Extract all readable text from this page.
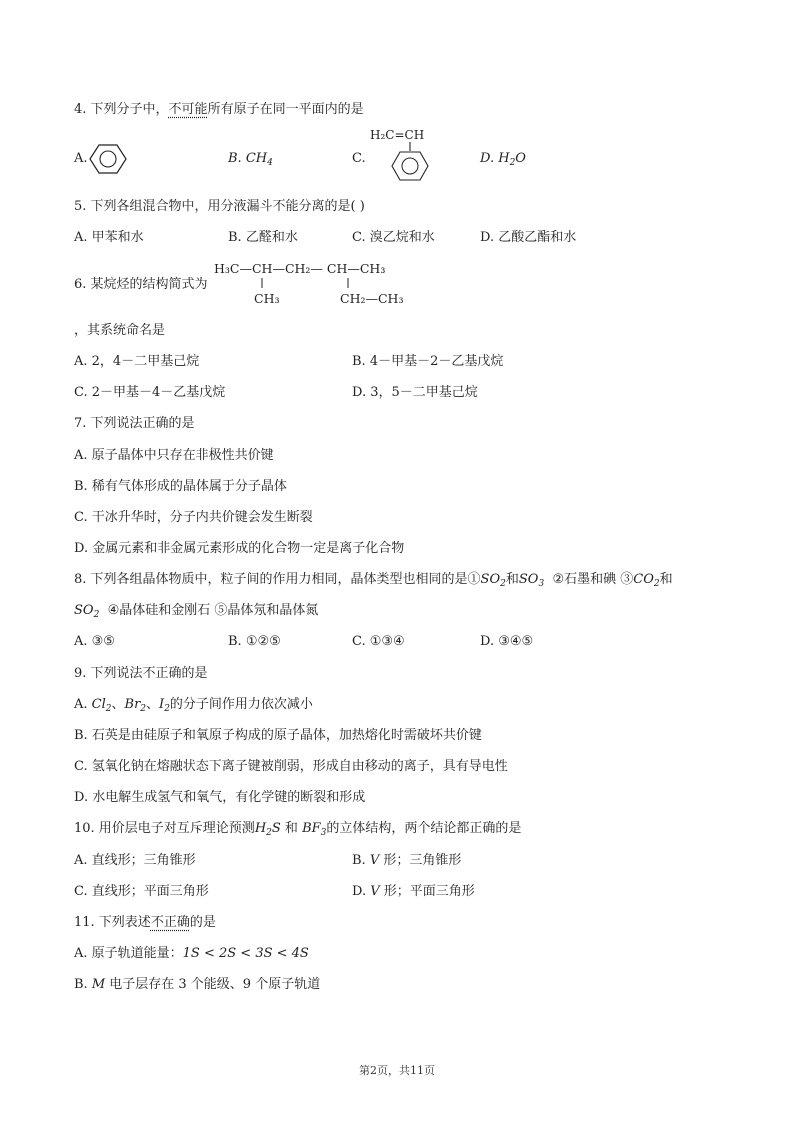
4. 下列分子中，不可能所有原子在同一平面内的是
A.	B. $CH_4$	C.
H₂C=CH
D. $H_2O$
5. 下列各组混合物中，用分液漏斗不能分离的是( )
A. 甲苯和水	B. 乙醛和水	C. 溴乙烷和水	D. 乙酸乙酯和水
6. 某烷烃的结构简式为
H₃C—CH—CH₂— CH—CH₃
CH₃	CH₂—CH₃
，其系统命名是
A. 2，4－二甲基己烷	B. 4－甲基－2－乙基戊烷
C. 2－甲基－4－乙基戊烷	D. 3，5－二甲基己烷
7. 下列说法正确的是
A. 原子晶体中只存在非极性共价键
B. 稀有气体形成的晶体属于分子晶体
C. 干冰升华时，分子内共价键会发生断裂
D. 金属元素和非金属元素形成的化合物一定是离子化合物
8. 下列各组晶体物质中，粒子间的作用力相同，晶体类型也相同的是$①SO_2$和$SO_3$ ②石墨和碘 $③CO_2$和
$SO_2$ ④晶体硅和金刚石 ⑤晶体氖和晶体氮
A. ③⑤	B. ①②⑤	C. ①③④	D. ③④⑤
9. 下列说法不正确的是
A. $Cl_2$、$Br_2$、$I_2$的分子间作用力依次减小
B. 石英是由硅原子和氧原子构成的原子晶体，加热熔化时需破坏共价键
C. 氢氧化钠在熔融状态下离子键被削弱，形成自由移动的离子，具有导电性
D. 水电解生成氢气和氧气，有化学键的断裂和形成
10. 用价层电子对互斥理论预测$H_2S$ 和 $BF_3$的立体结构，两个结论都正确的是
A. 直线形；三角锥形	B. V 形；三角锥形
C. 直线形；平面三角形	D. V 形；平面三角形
11. 下列表述不正确的是
A. 原子轨道能量：1S < 2S < 3S < 4S
B. M 电子层存在 3 个能级、9 个原子轨道
第2页，共11页
